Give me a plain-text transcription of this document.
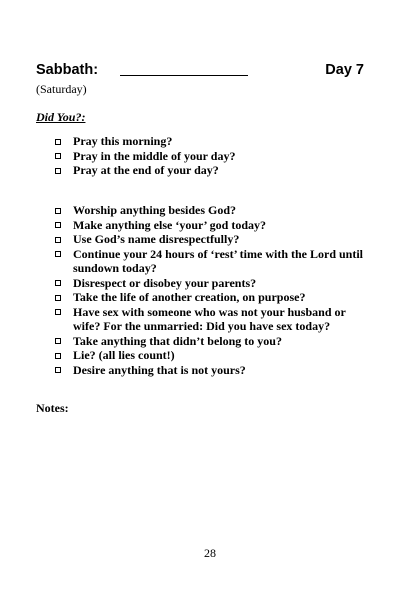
Sabbath:	Day 7
(Saturday)
Did You?:
Pray this morning?
Pray in the middle of your day?
Pray at the end of your day?
Worship anything besides God?
Make anything else ‘your’ god today?
Use God’s name disrespectfully?
Continue your 24 hours of ‘rest’ time with the Lord until sundown today?
Disrespect or disobey your parents?
Take the life of another creation, on purpose?
Have sex with someone who was not your husband or wife? For the unmarried: Did you have sex today?
Take anything that didn’t belong to you?
Lie? (all lies count!)
Desire anything that is not yours?
Notes:
28
